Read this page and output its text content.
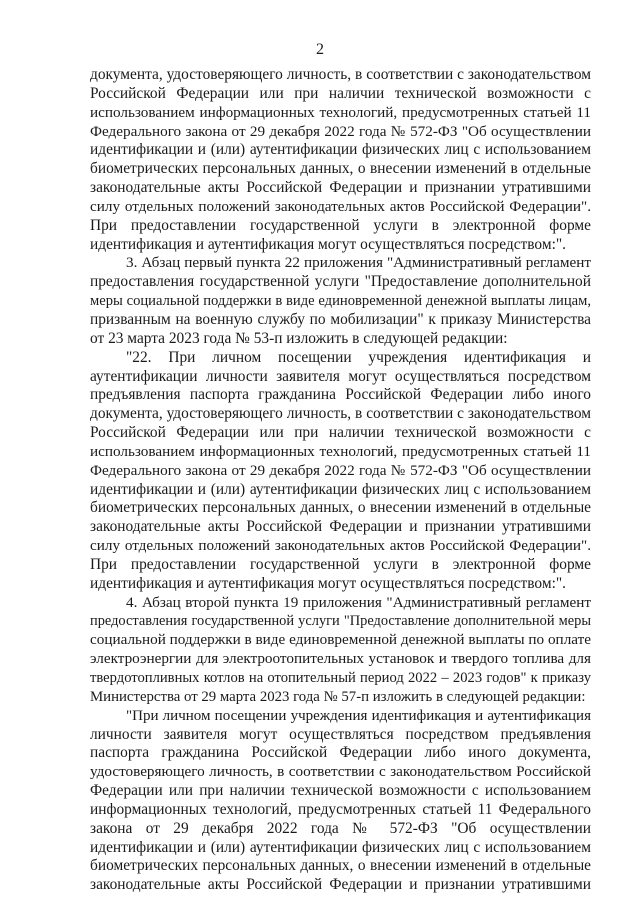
2
документа, удостоверяющего личность, в соответствии с законодательством
Российской Федерации или при наличии технической возможности с
использованием информационных технологий, предусмотренных статьей 11
Федерального закона от 29 декабря 2022 года № 572-ФЗ "Об осуществлении
идентификации и (или) аутентификации физических лиц с использованием
биометрических персональных данных, о внесении изменений в отдельные
законодательные акты Российской Федерации и признании утратившими
силу отдельных положений законодательных актов Российской Федерации".
При предоставлении государственной услуги в электронной форме
идентификация и аутентификация могут осуществляться посредством:".
3. Абзац первый пункта 22 приложения "Административный регламент
предоставления государственной услуги "Предоставление дополнительной
меры социальной поддержки в виде единовременной денежной выплаты лицам,
призванным на военную службу по мобилизации" к приказу Министерства
от 23 марта 2023 года № 53-п изложить в следующей редакции:
"22. При личном посещении учреждения идентификация и
аутентификации личности заявителя могут осуществляться посредством
предъявления паспорта гражданина Российской Федерации либо иного
документа, удостоверяющего личность, в соответствии с законодательством
Российской Федерации или при наличии технической возможности с
использованием информационных технологий, предусмотренных статьей 11
Федерального закона от 29 декабря 2022 года № 572-ФЗ "Об осуществлении
идентификации и (или) аутентификации физических лиц с использованием
биометрических персональных данных, о внесении изменений в отдельные
законодательные акты Российской Федерации и признании утратившими
силу отдельных положений законодательных актов Российской Федерации".
При предоставлении государственной услуги в электронной форме
идентификация и аутентификация могут осуществляться посредством:".
4. Абзац второй пункта 19 приложения "Административный регламент
предоставления государственной услуги "Предоставление дополнительной меры
социальной поддержки в виде единовременной денежной выплаты по оплате
электроэнергии для электроотопительных установок и твердого топлива для
твердотопливных котлов на отопительный период 2022 – 2023 годов" к приказу
Министерства от 29 марта 2023 года № 57-п изложить в следующей редакции:
"При личном посещении учреждения идентификация и аутентификация
личности заявителя могут осуществляться посредством предъявления
паспорта гражданина Российской Федерации либо иного документа,
удостоверяющего личность, в соответствии с законодательством Российской
Федерации или при наличии технической возможности с использованием
информационных технологий, предусмотренных статьей 11 Федерального
закона от 29 декабря 2022 года № 572-ФЗ "Об осуществлении
идентификации и (или) аутентификации физических лиц с использованием
биометрических персональных данных, о внесении изменений в отдельные
законодательные акты Российской Федерации и признании утратившими
